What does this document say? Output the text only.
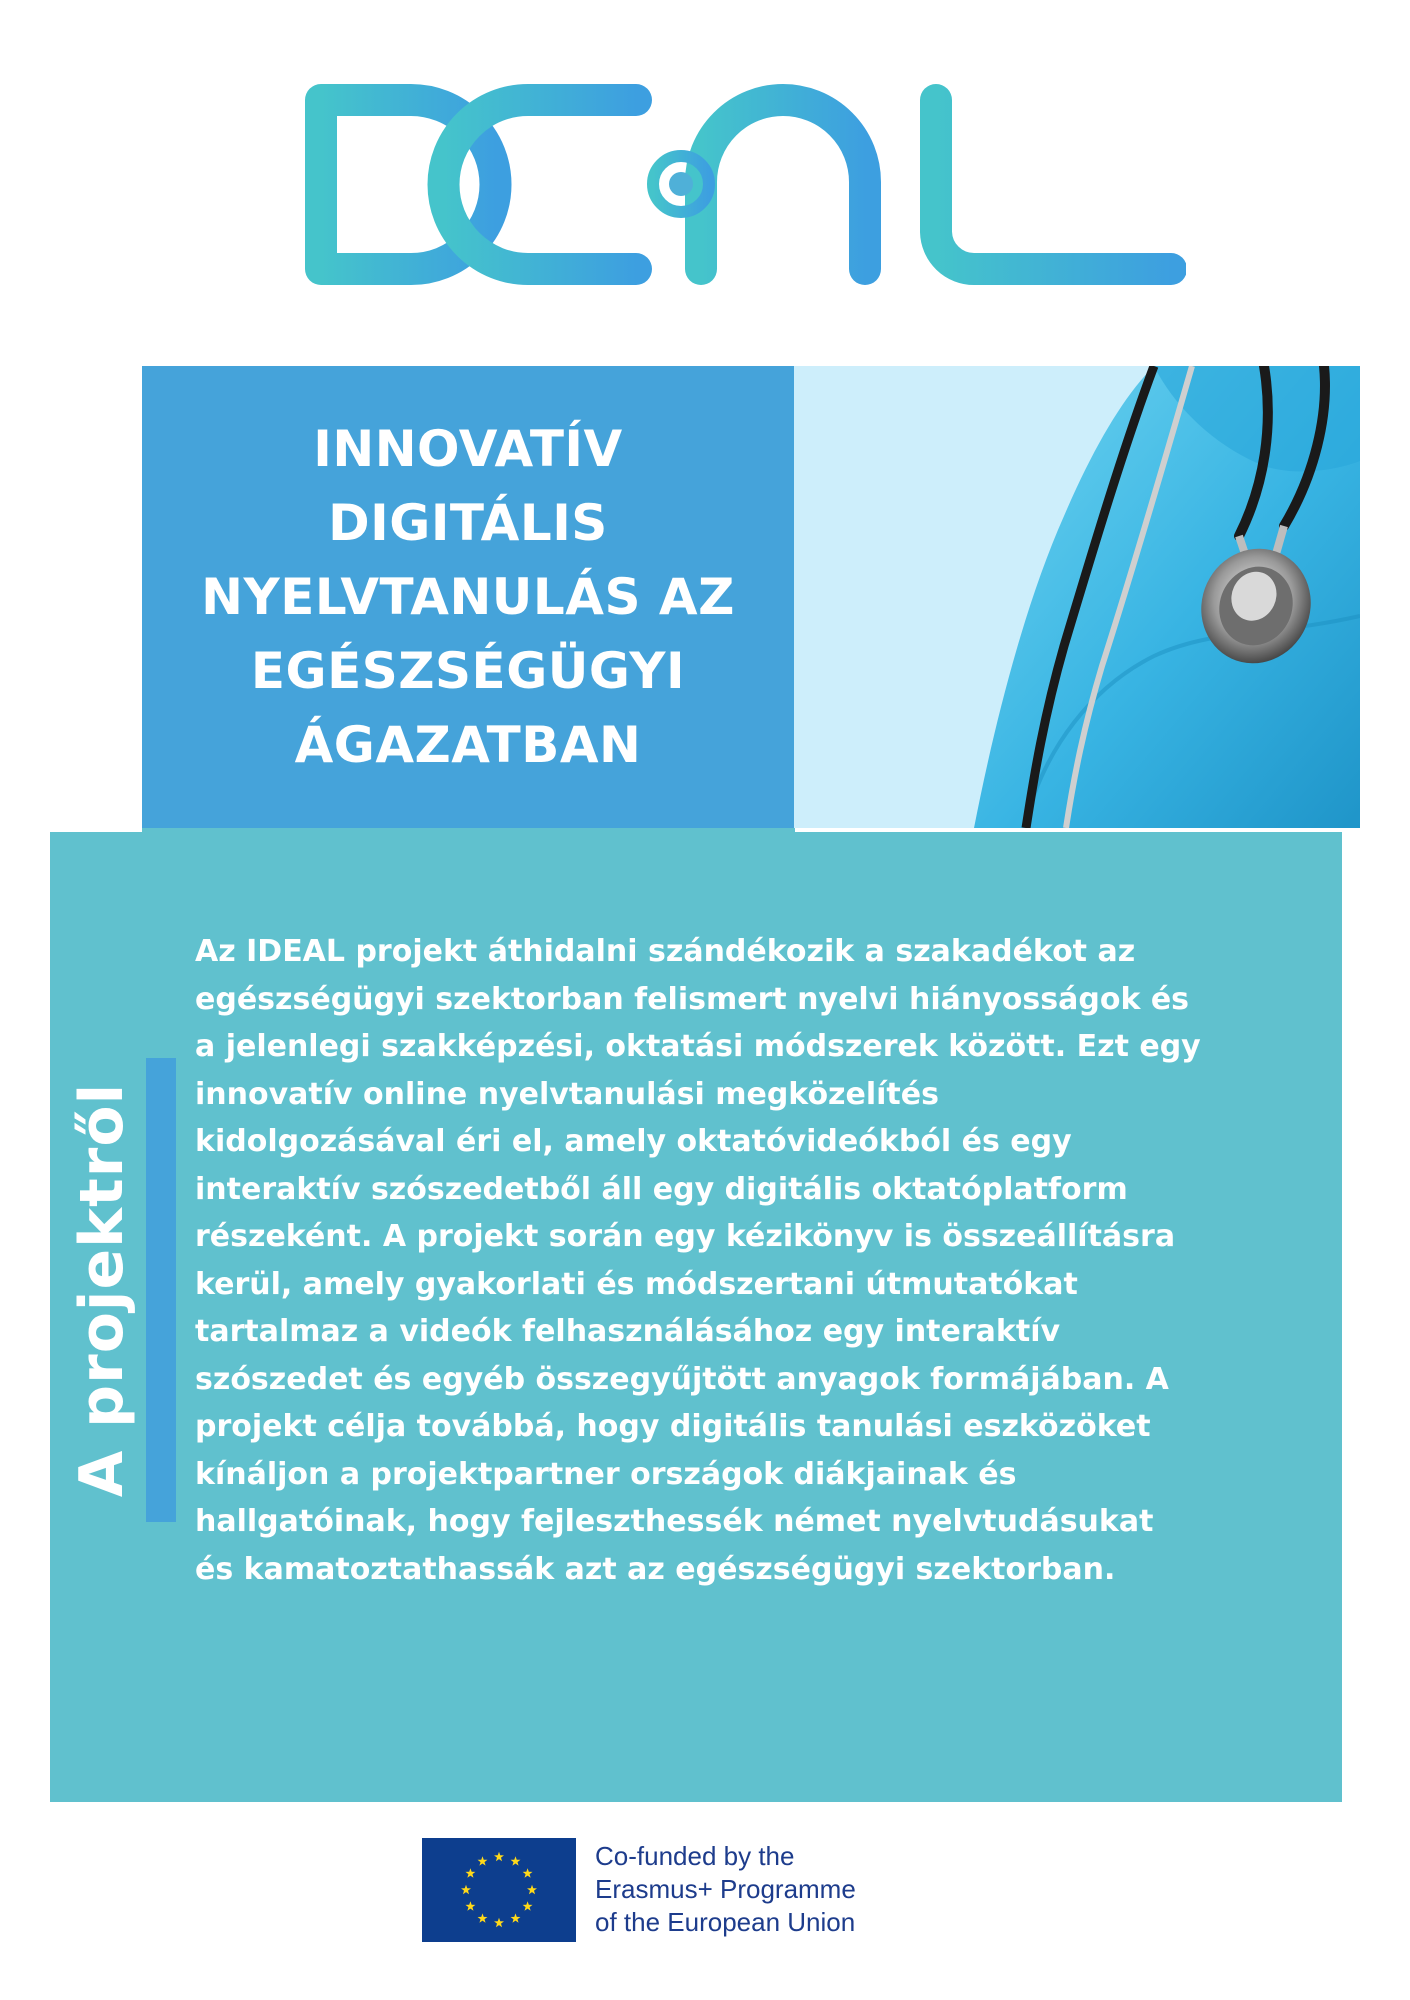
INNOVATÍV
DIGITÁLIS
NYELVTANULÁS AZ
EGÉSZSÉGÜGYI
ÁGAZATBAN
A projektről

Az IDEAL projekt áthidalni szándékozik a szakadékot az

egészségügyi szektorban felismert nyelvi hiányosságok és

a jelenlegi szakképzési, oktatási módszerek között. Ezt egy

innovatív online nyelvtanulási megközelítés

kidolgozásával éri el, amely oktatóvideókból és egy

interaktív szószedetből áll egy digitális oktatóplatform

részeként. A projekt során egy kézikönyv is összeállításra

kerül, amely gyakorlati és módszertani útmutatókat

tartalmaz a videók felhasználásához egy interaktív

szószedet és egyéb összegyűjtött anyagok formájában. A

projekt célja továbbá, hogy digitális tanulási eszközöket

kínáljon a projektpartner országok diákjainak és

hallgatóinak, hogy fejleszthessék német nyelvtudásukat

és kamatoztathassák azt az egészségügyi szektorban.

Co-funded by the
Erasmus+ Programme
of the European Union
